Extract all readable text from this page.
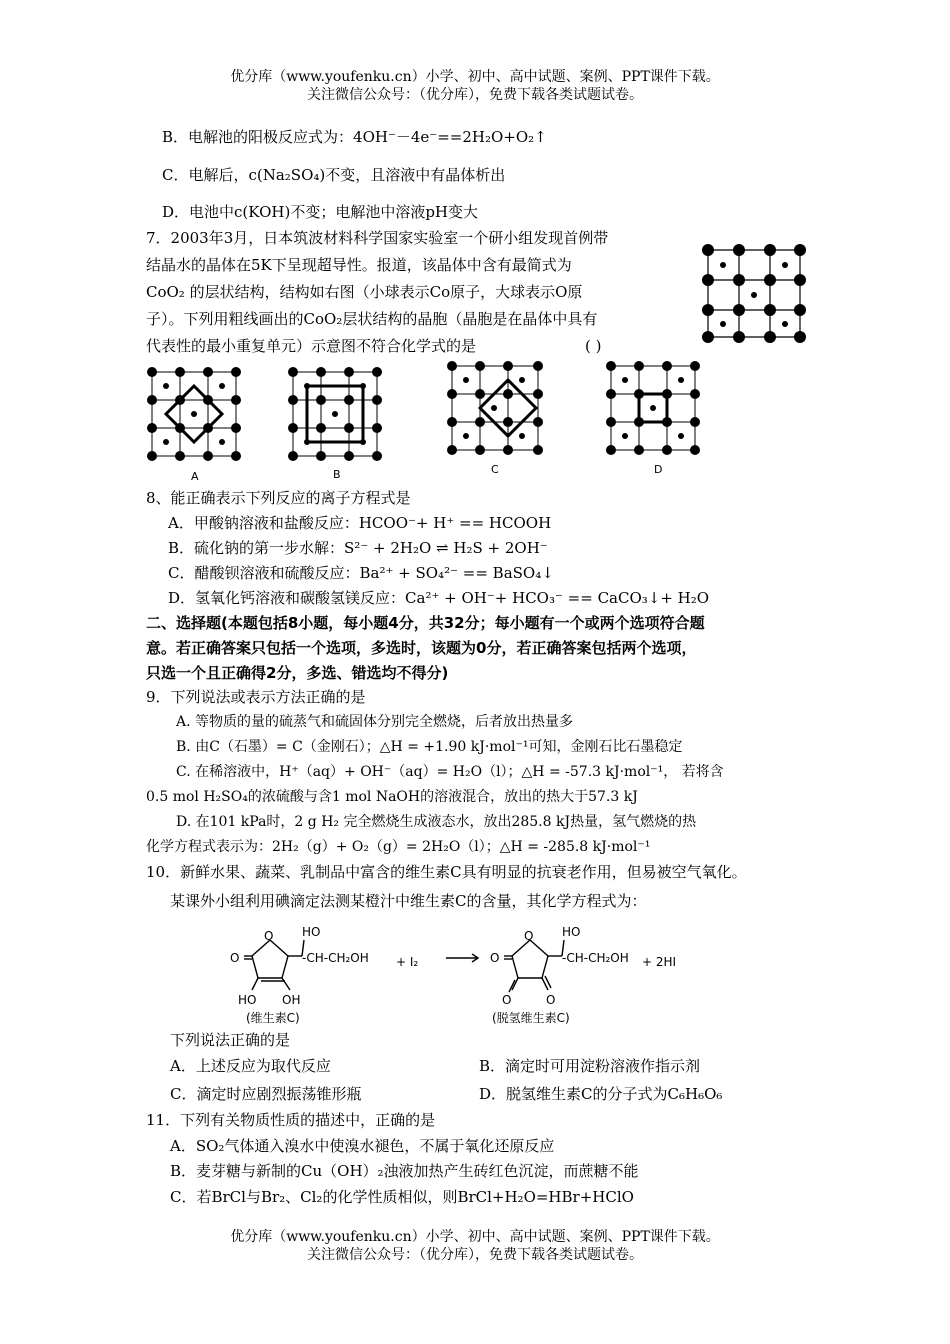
优分库（www.youfenku.cn）小学、初中、高中试题、案例、PPT课件下载。
关注微信公众号：（优分库），免费下载各类试题试卷。
B．电解池的阳极反应式为：4OH⁻－4e⁻==2H₂O+O₂↑
C．电解后，c(Na₂SO₄)不变，且溶液中有晶体析出
D．电池中c(KOH)不变；电解池中溶液pH变大
7．2003年3月，日本筑波材料科学国家实验室一个研小组发现首例带
结晶水的晶体在5K下呈现超导性。报道，该晶体中含有最简式为
CoO₂ 的层状结构，结构如右图（小球表示Co原子，大球表示O原
子）。下列用粗线画出的CoO₂层状结构的晶胞（晶胞是在晶体中具有
代表性的最小重复单元）示意图不符合化学式的是	( )
A	B	C	D
8、能正确表示下列反应的离子方程式是
A．甲酸钠溶液和盐酸反应：HCOO⁻+ H⁺ == HCOOH
B．硫化钠的第一步水解：S²⁻ + 2H₂O ⇌ H₂S + 2OH⁻
C．醋酸钡溶液和硫酸反应：Ba²⁺ + SO₄²⁻ == BaSO₄↓
D．氢氧化钙溶液和碳酸氢镁反应：Ca²⁺ + OH⁻+ HCO₃⁻ == CaCO₃↓+ H₂O
二、选择题(本题包括8小题，每小题4分，共32分；每小题有一个或两个选项符合题
意。若正确答案只包括一个选项，多选时，该题为0分，若正确答案包括两个选项，
只选一个且正确得2分，多选、错选均不得分)
9．下列说法或表示方法正确的是
A. 等物质的量的硫蒸气和硫固体分别完全燃烧，后者放出热量多
B. 由C（石墨）= C（金刚石）；△H = +1.90 kJ·mol⁻¹可知，金刚石比石墨稳定
C. 在稀溶液中，H⁺（aq）+ OH⁻（aq）= H₂O（l）；△H = -57.3 kJ·mol⁻¹， 若将含
0.5 mol H₂SO₄的浓硫酸与含1 mol NaOH的溶液混合，放出的热大于57.3 kJ
D. 在101 kPa时，2 g H₂ 完全燃烧生成液态水，放出285.8 kJ热量，氢气燃烧的热
化学方程式表示为：2H₂（g）+ O₂（g）= 2H₂O（l）；△H = -285.8 kJ·mol⁻¹
10．新鲜水果、蔬菜、乳制品中富含的维生素C具有明显的抗衰老作用，但易被空气氧化。
某课外小组利用碘滴定法测某橙汁中维生素C的含量，其化学方程式为：
O
O
HO
-CH-CH₂OH
HO OH
+ I₂
O
O
HO
-CH-CH₂OH
O	O
+ 2HI
(维生素C)	(脱氢维生素C)
下列说法正确的是
A．上述反应为取代反应	B．滴定时可用淀粉溶液作指示剂
C．滴定时应剧烈振荡锥形瓶	D．脱氢维生素C的分子式为C₆H₆O₆
11．下列有关物质性质的描述中，正确的是
A．SO₂气体通入溴水中使溴水褪色，不属于氧化还原反应
B．麦芽糖与新制的Cu（OH）₂浊液加热产生砖红色沉淀，而蔗糖不能
C．若BrCl与Br₂、Cl₂的化学性质相似，则BrCl+H₂O=HBr+HClO
优分库（www.youfenku.cn）小学、初中、高中试题、案例、PPT课件下载。
关注微信公众号：（优分库），免费下载各类试题试卷。
